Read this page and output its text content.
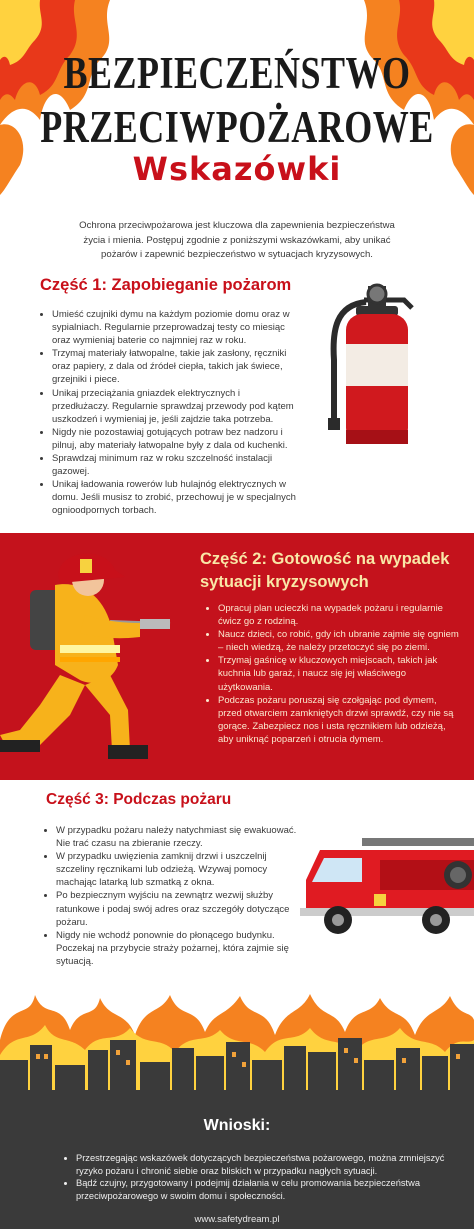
BEZPIECZEŃSTWO
PRZECIWPOŻAROWE
Wskazówki
Ochrona przeciwpożarowa jest kluczowa dla zapewnienia bezpieczeństwa życia i mienia. Postępuj zgodnie z poniższymi wskazówkami, aby unikać pożarów i zapewnić bezpieczeństwo w sytuacjach kryzysowych.
Część 1: Zapobieganie pożarom
• Umieść czujniki dymu na każdym poziomie domu oraz w sypialniach. Regularnie przeprowadzaj testy co miesiąc oraz wymieniaj baterie co najmniej raz w roku.
• Trzymaj materiały łatwopalne, takie jak zasłony, ręczniki oraz papiery, z dala od źródeł ciepła, takich jak świece, grzejniki i piece.
• Unikaj przeciążania gniazdek elektrycznych i przedłużaczy. Regularnie sprawdzaj przewody pod kątem uszkodzeń i wymieniaj je, jeśli zajdzie taka potrzeba.
• Nigdy nie pozostawiaj gotujących potraw bez nadzoru i pilnuj, aby materiały łatwopalne były z dala od kuchenki.
• Sprawdzaj minimum raz w roku szczelność instalacji gazowej.
• Unikaj ładowania rowerów lub hulajnóg elektrycznych w domu. Jeśli musisz to zrobić, przechowuj je w specjalnych ognioodpornych torbach.
Część 2: Gotowość na wypadek sytuacji kryzysowych
• Opracuj plan ucieczki na wypadek pożaru i regularnie ćwicz go z rodziną.
• Naucz dzieci, co robić, gdy ich ubranie zajmie się ogniem – niech wiedzą, że należy przetoczyć się po ziemi.
• Trzymaj gaśnicę w kluczowych miejscach, takich jak kuchnia lub garaż, i naucz się jej właściwego użytkowania.
• Podczas pożaru poruszaj się czołgając pod dymem, przed otwarciem zamkniętych drzwi sprawdź, czy nie są gorące. Zabezpiecz nos i usta ręcznikiem lub odzieżą, aby uniknąć poparzeń i otrucia dymem.
Część 3: Podczas pożaru
• W przypadku pożaru należy natychmiast się ewakuować. Nie trać czasu na zbieranie rzeczy.
• W przypadku uwięzienia zamknij drzwi i uszczelnij szczeliny ręcznikami lub odzieżą. Wzywaj pomocy machając latarką lub szmatką z okna.
• Po bezpiecznym wyjściu na zewnątrz wezwij służby ratunkowe i podaj swój adres oraz szczegóły dotyczące pożaru.
• Nigdy nie wchodź ponownie do płonącego budynku. Poczekaj na przybycie straży pożarnej, która zajmie się sytuacją.
Wnioski:
• Przestrzegając wskazówek dotyczących bezpieczeństwa pożarowego, można zmniejszyć ryzyko pożaru i chronić siebie oraz bliskich w przypadku nagłych sytuacji.
• Bądź czujny, przygotowany i podejmij działania w celu promowania bezpieczeństwa przeciwpożarowego w swoim domu i społeczności.
www.safetydream.pl
